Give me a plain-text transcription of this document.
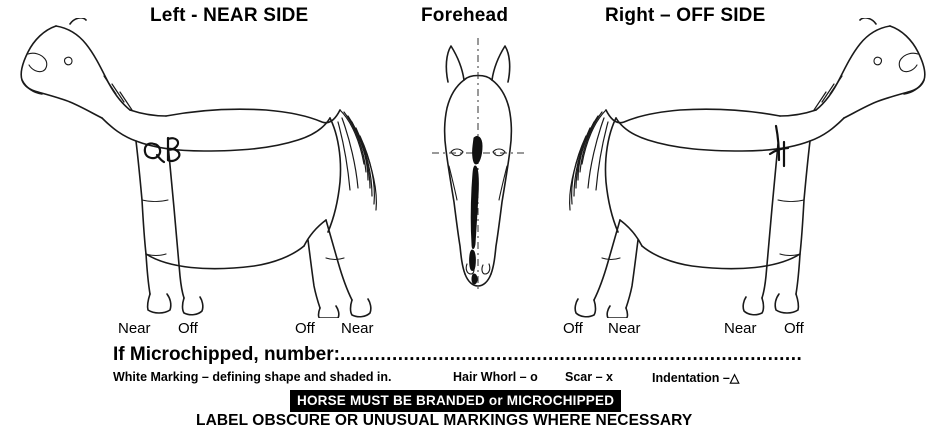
Left - NEAR SIDE	Forehead	Right – OFF SIDE
Near Off	Off Near	Off Near	Near Off
If Microchipped, number:................................................................................
White Marking – defining shape and shaded in.	Hair Whorl – o	Scar – x	Indentation –△
HORSE MUST BE BRANDED or MICROCHIPPED
LABEL OBSCURE OR UNUSUAL MARKINGS WHERE NECESSARY
